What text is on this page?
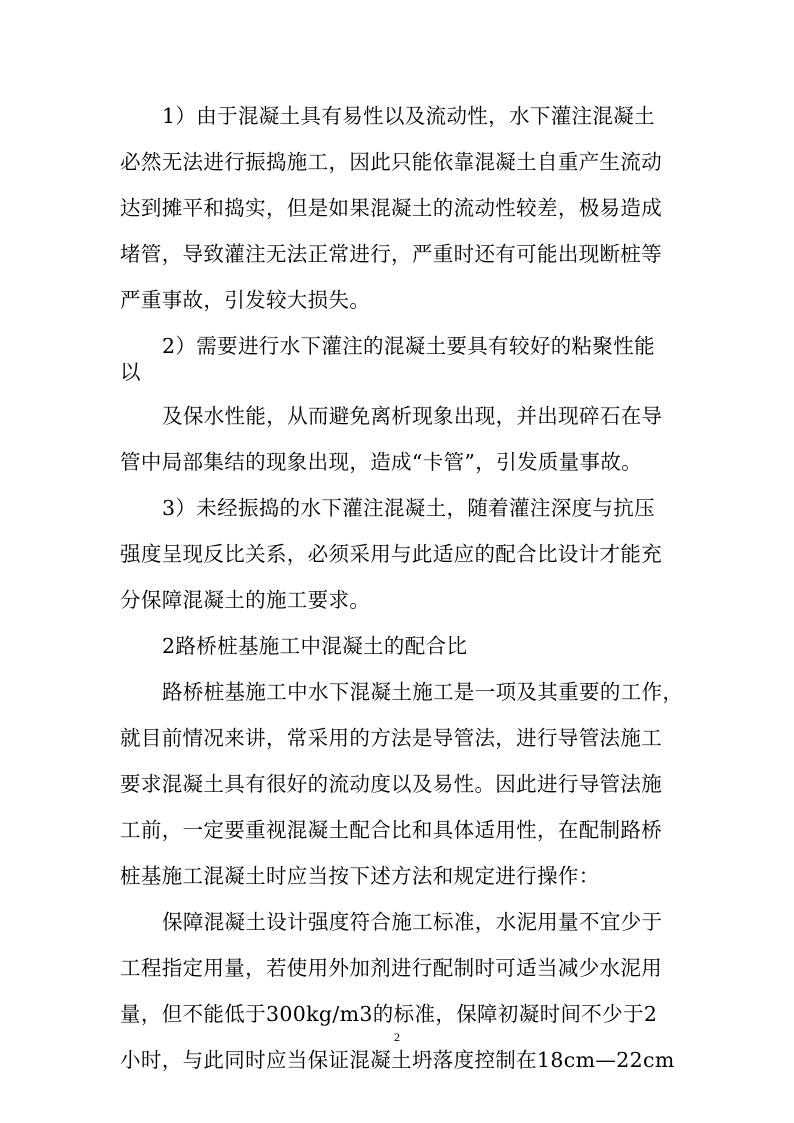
1）由于混凝土具有易性以及流动性，水下灌注混凝土
必然无法进行振捣施工，因此只能依靠混凝土自重产生流动
达到摊平和捣实，但是如果混凝土的流动性较差，极易造成
堵管，导致灌注无法正常进行，严重时还有可能出现断桩等
严重事故，引发较大损失。
2）需要进行水下灌注的混凝土要具有较好的粘聚性能
以
及保水性能，从而避免离析现象出现，并出现碎石在导
管中局部集结的现象出现，造成“卡管”，引发质量事故。
3）未经振捣的水下灌注混凝土，随着灌注深度与抗压
强度呈现反比关系，必须采用与此适应的配合比设计才能充
分保障混凝土的施工要求。
2路桥桩基施工中混凝土的配合比
路桥桩基施工中水下混凝土施工是一项及其重要的工作，
就目前情况来讲，常采用的方法是导管法，进行导管法施工
要求混凝土具有很好的流动度以及易性。因此进行导管法施
工前，一定要重视混凝土配合比和具体适用性，在配制路桥
桩基施工混凝土时应当按下述方法和规定进行操作：
保障混凝土设计强度符合施工标准，水泥用量不宜少于
工程指定用量，若使用外加剂进行配制时可适当减少水泥用
量，但不能低于300kg/m3的标准，保障初凝时间不少于2
小时，与此同时应当保证混凝土坍落度控制在18cm—22cm
2
